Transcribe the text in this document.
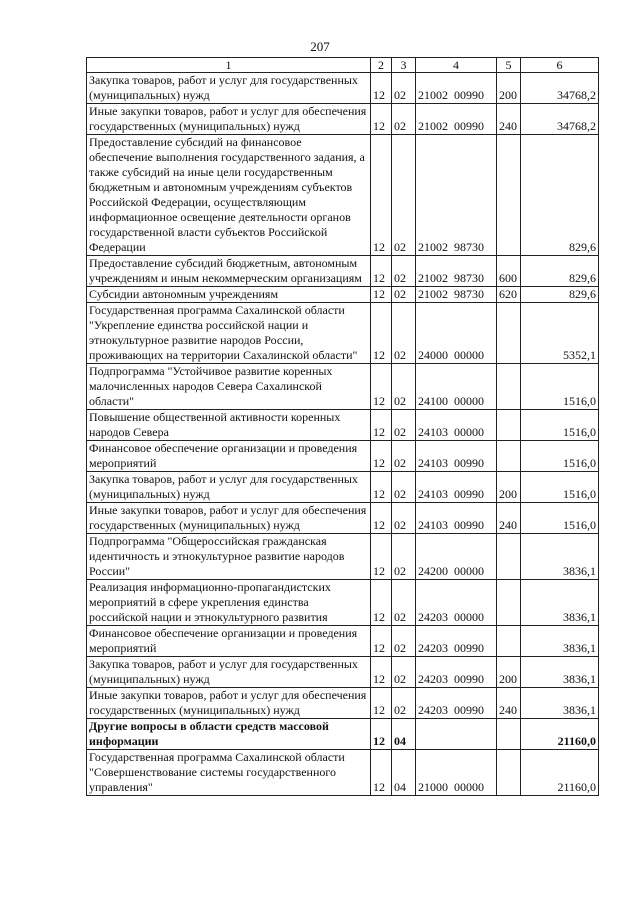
207
1	2	3	4	5	6
Закупка товаров, работ и услуг для государственных (муниципальных) нужд	12	02	21002  00990	200	34768,2
Иные закупки товаров, работ и услуг для обеспечения государственных (муниципальных) нужд	12	02	21002  00990	240	34768,2
Предоставление субсидий на финансовое обеспечение выполнения государственного задания, а также субсидий на иные цели государственным бюджетным и автономным учреждениям субъектов Российской Федерации, осуществляющим информационное освещение деятельности органов государственной власти субъектов Российской Федерации	12	02	21002  98730		829,6
Предоставление субсидий бюджетным, автономным учреждениям и иным некоммерческим организациям	12	02	21002  98730	600	829,6
Субсидии автономным учреждениям	12	02	21002  98730	620	829,6
Государственная программа Сахалинской области "Укрепление единства российской нации и этнокультурное развитие народов России, проживающих на территории Сахалинской области"	12	02	24000  00000		5352,1
Подпрограмма "Устойчивое развитие коренных малочисленных народов Севера Сахалинской области"	12	02	24100  00000		1516,0
Повышение общественной активности коренных народов Севера	12	02	24103  00000		1516,0
Финансовое обеспечение организации и проведения мероприятий	12	02	24103  00990		1516,0
Закупка товаров, работ и услуг для государственных (муниципальных) нужд	12	02	24103  00990	200	1516,0
Иные закупки товаров, работ и услуг для обеспечения государственных (муниципальных) нужд	12	02	24103  00990	240	1516,0
Подпрограмма "Общероссийская гражданская идентичность и этнокультурное развитие народов России"	12	02	24200  00000		3836,1
Реализация информационно-пропагандистских мероприятий в сфере укрепления единства российской нации и этнокультурного развития	12	02	24203  00000		3836,1
Финансовое обеспечение организации и проведения мероприятий	12	02	24203  00990		3836,1
Закупка товаров, работ и услуг для государственных (муниципальных) нужд	12	02	24203  00990	200	3836,1
Иные закупки товаров, работ и услуг для обеспечения государственных (муниципальных) нужд	12	02	24203  00990	240	3836,1
Другие вопросы в области средств массовой информации	12	04			21160,0
Государственная программа Сахалинской области "Совершенствование системы государственного управления"	12	04	21000  00000		21160,0
